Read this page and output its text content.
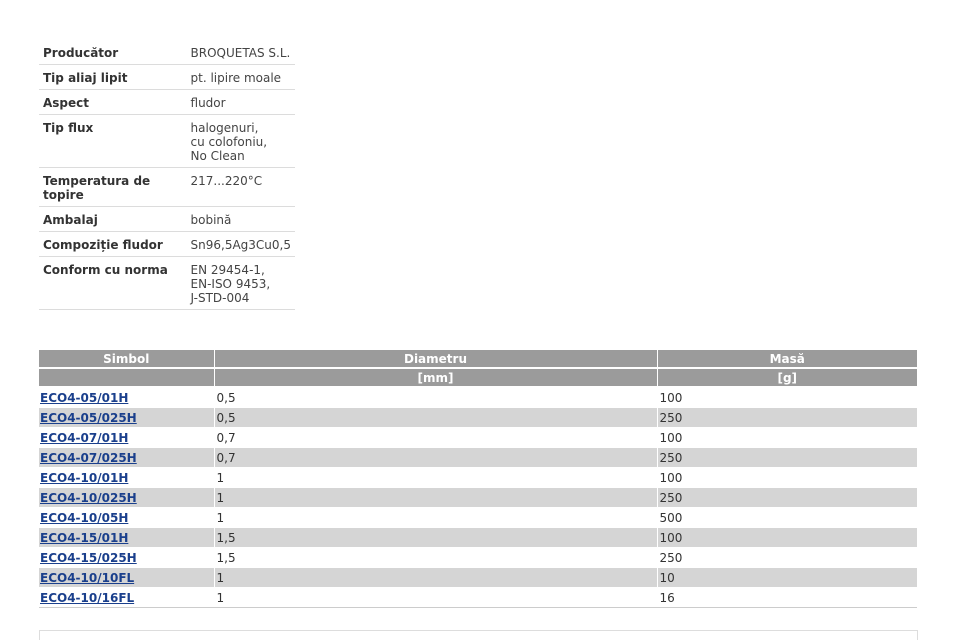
Producător	BROQUETAS S.L.
Tip aliaj lipit	pt. lipire moale
Aspect	fludor
Tip flux	halogenuri,
cu colofoniu,
No Clean
Temperatura de topire	217...220°C
Ambalaj	bobină
Compoziție fludor	Sn96,5Ag3Cu0,5
Conform cu norma	EN 29454-1,
EN-ISO 9453,
J-STD-004
Simbol	Diametru	Masă
	[mm]	[g]
ECO4-05/01H	0,5	100
ECO4-05/025H	0,5	250
ECO4-07/01H	0,7	100
ECO4-07/025H	0,7	250
ECO4-10/01H	1	100
ECO4-10/025H	1	250
ECO4-10/05H	1	500
ECO4-15/01H	1,5	100
ECO4-15/025H	1,5	250
ECO4-10/10FL	1	10
ECO4-10/16FL	1	16
